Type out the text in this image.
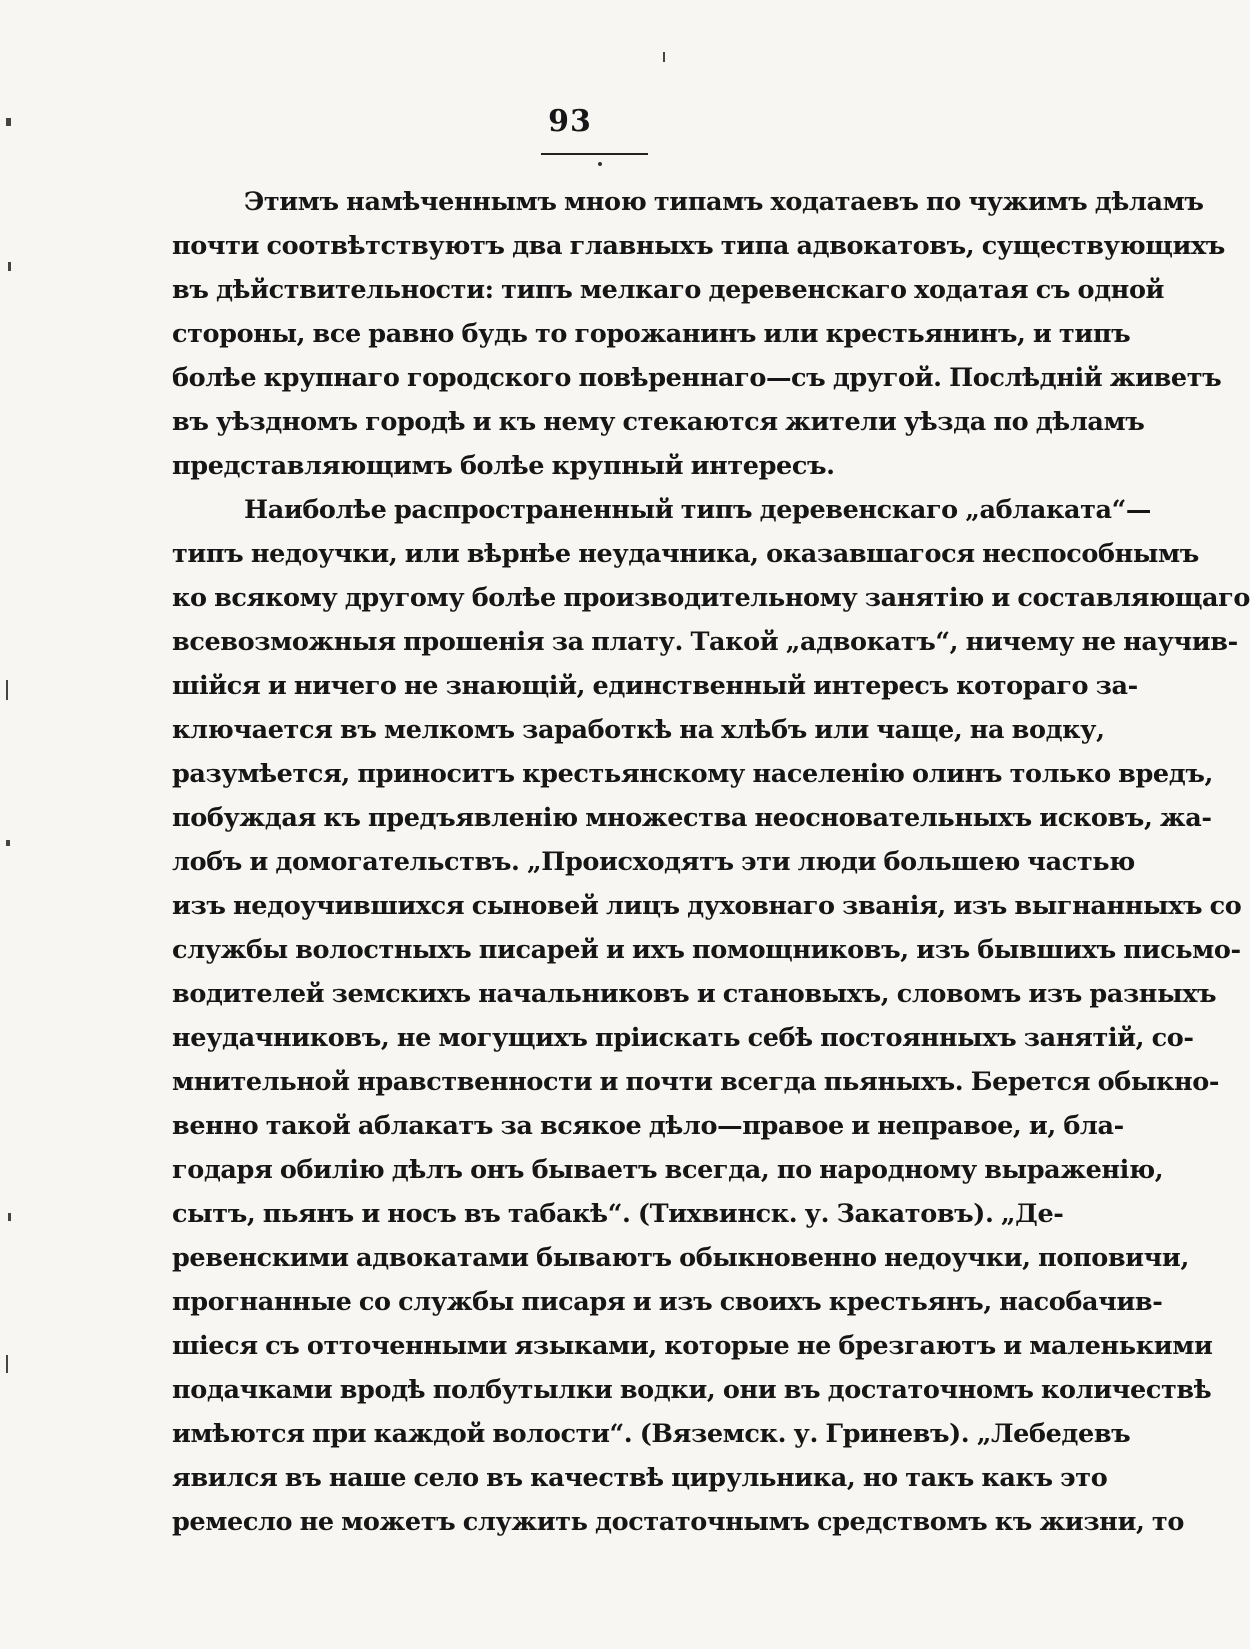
93
Этимъ намѣченнымъ мною типамъ ходатаевъ по чужимъ дѣламъ
почти соотвѣтствуютъ два главныхъ типа адвокатовъ, существующихъ
въ дѣйствительности: типъ мелкаго деревенскаго ходатая съ одной
стороны, все равно будь то горожанинъ или крестьянинъ, и типъ
болѣе крупнаго городского повѣреннаго—съ другой. Послѣдній живетъ
въ уѣздномъ городѣ и къ нему стекаются жители уѣзда по дѣламъ
представляющимъ болѣе крупный интересъ.
Наиболѣе распространенный типъ деревенскаго „аблаката“—
типъ недоучки, или вѣрнѣе неудачника, оказавшагося неспособнымъ
ко всякому другому болѣе производительному занятію и составляющаго
всевозможныя прошенія за плату. Такой „адвокатъ“, ничему не научив-
шійся и ничего не знающій, единственный интересъ котораго за-
ключается въ мелкомъ заработкѣ на хлѣбъ или чаще, на водку,
разумѣется, приноситъ крестьянскому населенію олинъ только вредъ,
побуждая къ предъявленію множества неосновательныхъ исковъ, жа-
лобъ и домогательствъ. „Происходятъ эти люди большею частью
изъ недоучившихся сыновей лицъ духовнаго званія, изъ выгнанныхъ со
службы волостныхъ писарей и ихъ помощниковъ, изъ бывшихъ письмо-
водителей земскихъ начальниковъ и становыхъ, словомъ изъ разныхъ
неудачниковъ, не могущихъ пріискать себѣ постоянныхъ занятій, со-
мнительной нравственности и почти всегда пьяныхъ. Берется обыкно-
венно такой аблакатъ за всякое дѣло—правое и неправое, и, бла-
годаря обилію дѣлъ онъ бываетъ всегда, по народному выраженію,
сытъ, пьянъ и носъ въ табакѣ“. (Тихвинск. у. Закатовъ). „Де-
ревенскими адвокатами бываютъ обыкновенно недоучки, поповичи,
прогнанные со службы писаря и изъ своихъ крестьянъ, насобачив-
шіеся съ отточенными языками, которые не брезгаютъ и маленькими
подачками вродѣ полбутылки водки, они въ достаточномъ количествѣ
имѣются при каждой волости“. (Вяземск. у. Гриневъ). „Лебедевъ
явился въ наше село въ качествѣ цирульника, но такъ какъ это
ремесло не можетъ служить достаточнымъ средствомъ къ жизни, то
